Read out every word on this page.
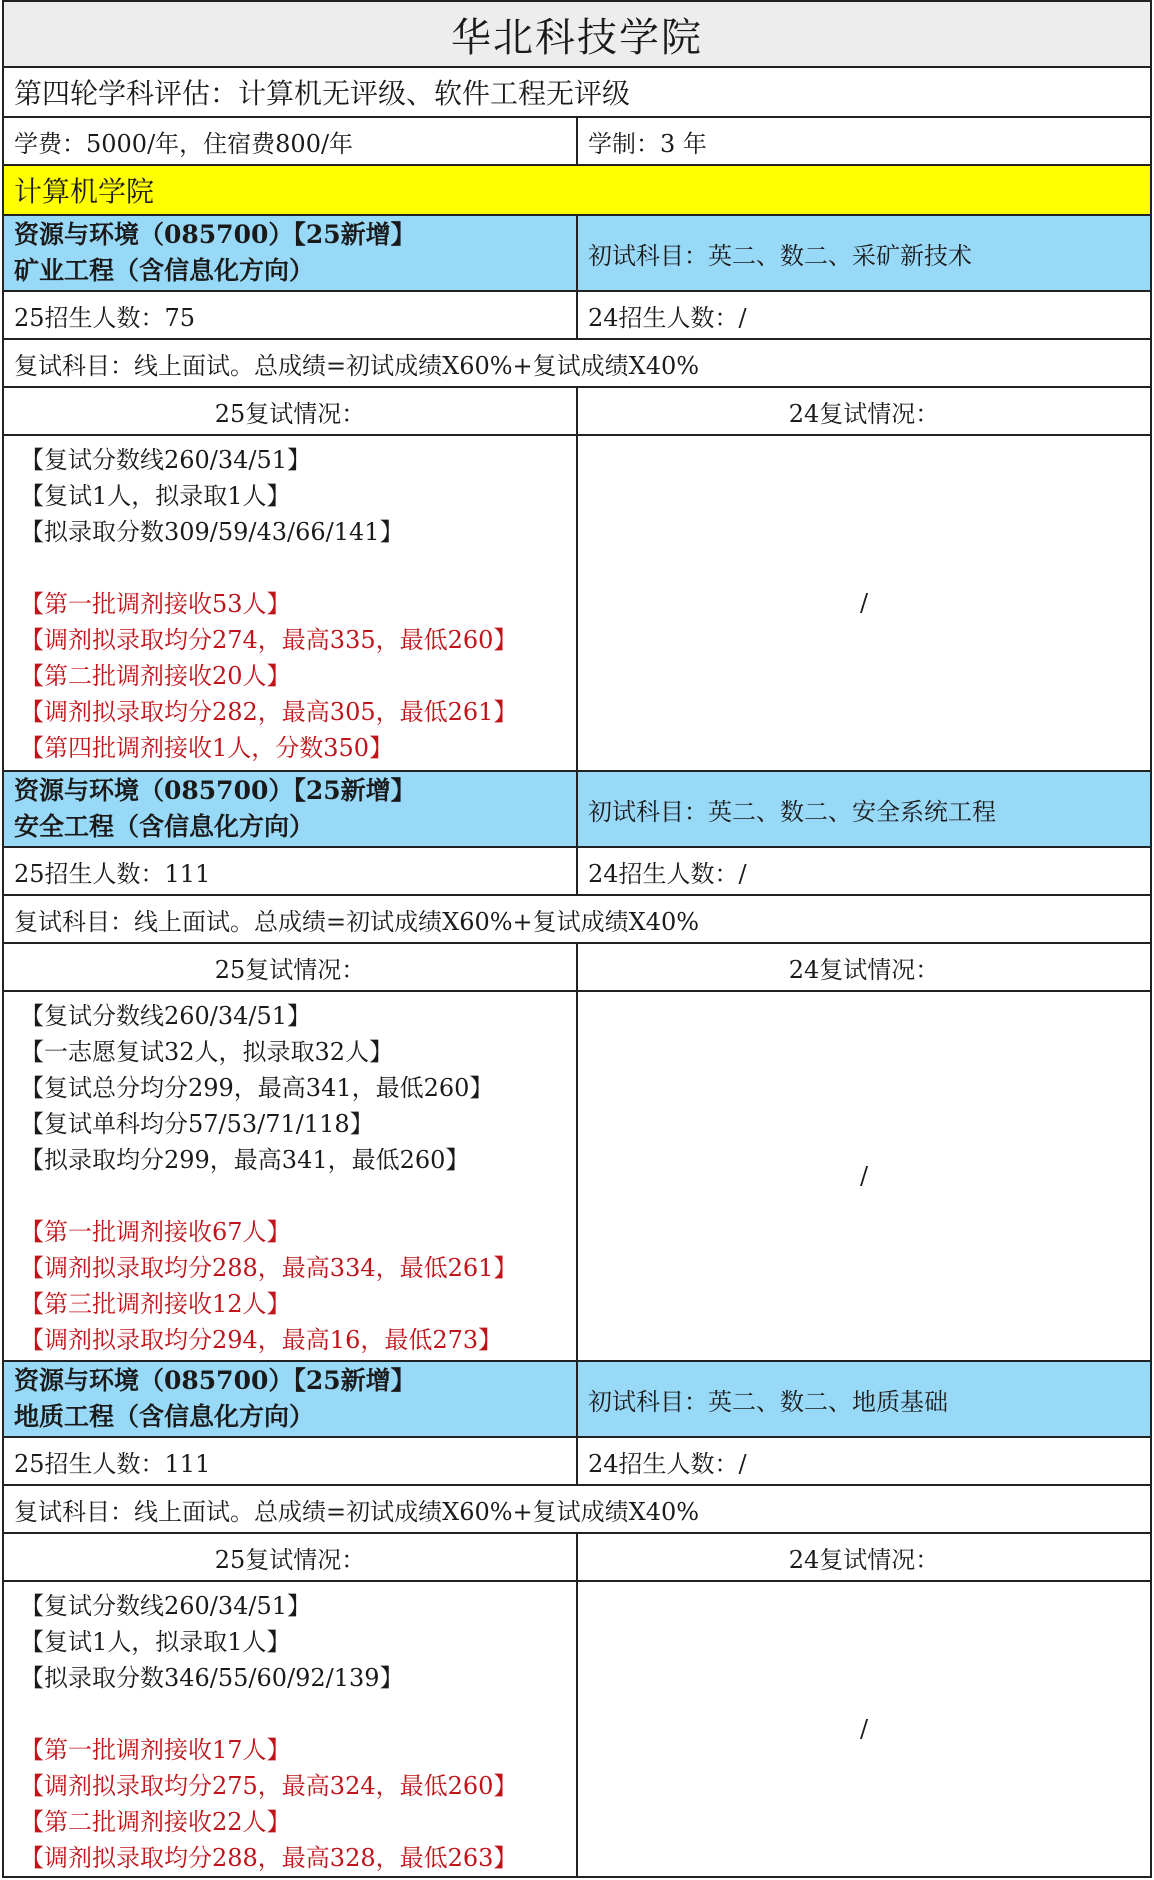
华北科技学院
第四轮学科评估：计算机无评级、软件工程无评级
学费：5000/年，住宿费800/年	学制：3 年
计算机学院
资源与环境（085700）【25新增】
矿业工程（含信息化方向）
初试科目：英二、数二、采矿新技术
25招生人数：75	24招生人数：/
复试科目：线上面试。总成绩=初试成绩X60%+复试成绩X40%
25复试情况：	24复试情况：
【复试分数线260/34/51】
【复试1人，拟录取1人】
【拟录取分数309/59/43/66/141】

【第一批调剂接收53人】
【调剂拟录取均分274，最高335，最低260】
【第二批调剂接收20人】
【调剂拟录取均分282，最高305，最低261】
【第四批调剂接收1人，分数350】
/
资源与环境（085700）【25新增】
安全工程（含信息化方向）
初试科目：英二、数二、安全系统工程
25招生人数：111	24招生人数：/
复试科目：线上面试。总成绩=初试成绩X60%+复试成绩X40%
25复试情况：	24复试情况：
【复试分数线260/34/51】
【一志愿复试32人，拟录取32人】
【复试总分均分299，最高341，最低260】
【复试单科均分57/53/71/118】
【拟录取均分299，最高341，最低260】

【第一批调剂接收67人】
【调剂拟录取均分288，最高334，最低261】
【第三批调剂接收12人】
【调剂拟录取均分294，最高16，最低273】
/
资源与环境（085700）【25新增】
地质工程（含信息化方向）
初试科目：英二、数二、地质基础
25招生人数：111	24招生人数：/
复试科目：线上面试。总成绩=初试成绩X60%+复试成绩X40%
25复试情况：	24复试情况：
【复试分数线260/34/51】
【复试1人，拟录取1人】
【拟录取分数346/55/60/92/139】

【第一批调剂接收17人】
【调剂拟录取均分275，最高324，最低260】
【第二批调剂接收22人】
【调剂拟录取均分288，最高328，最低263】
/
